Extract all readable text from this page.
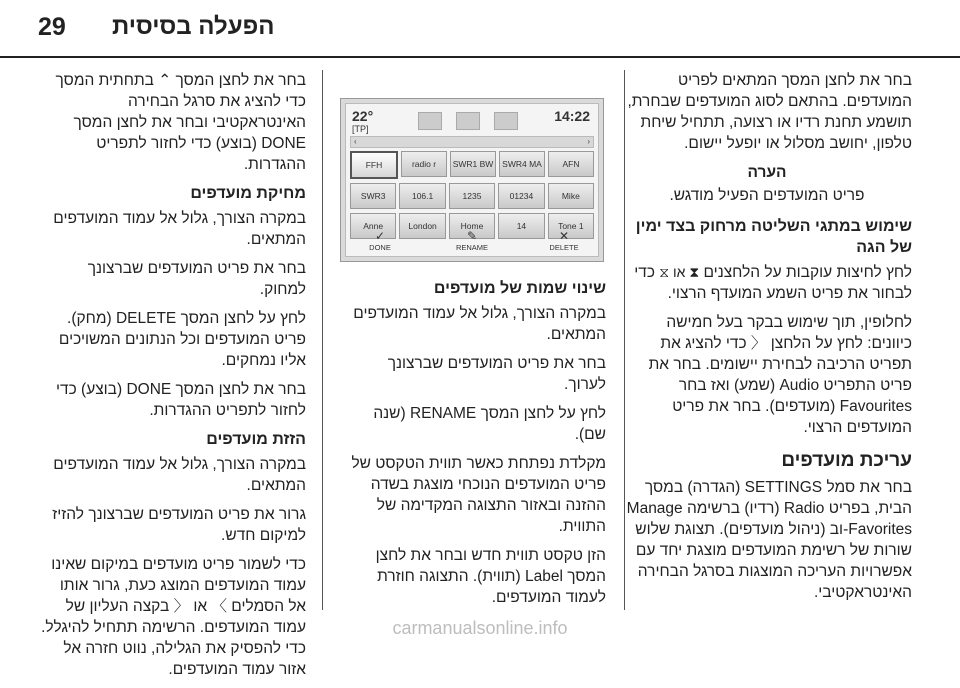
29 הפעלה בסיסית

בחר את לחצן המסך המתאים לפריט המועדפים. בהתאם לסוג המועדפים שבחרת, תושמע תחנת רדיו או רצועה, תתחיל שיחת טלפון, יחושב מסלול או יופעל יישום.

הערה
פריט המועדפים הפעיל מודגש.
שימוש במתגי השליטה מרחוק בצד ימין של הגה

לחץ לחיצות עוקבות על הלחצנים ⧗ או ⧖ כדי לבחור את פריט השמע המועדף הרצוי.

לחלופין, תוך שימוש בבקר בעל חמישה כיוונים: לחץ על הלחצן 〈 כדי להציג את תפריט הרכיבה לבחירת יישומים. בחר את פריט התפריט Audio (שמע) ואז בחר Favourites (מועדפים). בחר את פריט המועדפים הרצוי.

עריכת מועדפים

בחר את סמל SETTINGS (הגדרה) במסך הבית, בפריט Radio (רדיו) ברשימה Manage Favorites-וב (ניהול מועדפים). תצוגת שלוש שורות של רשימת המועדפים מוצגת יחד עם אפשרויות העריכה המוצגות בסרגל הבחירה האינטראקטיבי.

22°
[TP]
14:22
‹	›
FFH	radio r	SWR1 BW	SWR4 MA	AFN
SWR3	106.1	1235	01234	Mike
Anne	London	Home	14	Tone 1
✓
DONE
✎
RENAME
✕
DELETE
שינוי שמות של מועדפים

במקרה הצורך, גלול אל עמוד המועדפים המתאים.

בחר את פריט המועדפים שברצונך לערוך.

לחץ על לחצן המסך RENAME (שנה שם).

מקלדת נפתחת כאשר תווית הטקסט של פריט המועדפים הנוכחי מוצגת בשדה ההזנה ובאזור התצוגה המקדימה של התווית.

הזן טקסט תווית חדש ובחר את לחצן המסך Label (תווית). התצוגה חוזרת לעמוד המועדפים.

בחר את לחצן המסך ⌃ בתחתית המסך כדי להציג את סרגל הבחירה האינטראקטיבי ובחר את לחצן המסך DONE (בוצע) כדי לחזור לתפריט ההגדרות.

מחיקת מועדפים

במקרה הצורך, גלול אל עמוד המועדפים המתאים.

בחר את פריט המועדפים שברצונך למחוק.

לחץ על לחצן המסך DELETE (מחק). פריט המועדפים וכל הנתונים המשויכים אליו נמחקים.

בחר את לחצן המסך DONE (בוצע) כדי לחזור לתפריט ההגדרות.

הזזת מועדפים

במקרה הצורך, גלול אל עמוד המועדפים המתאים.

גרור את פריט המועדפים שברצונך להזיז למיקום חדש.

כדי לשמור פריט מועדפים במיקום שאינו עמוד המועדפים המוצג כעת, גרור אותו אל הסמלים 〉 או 〈 בקצה העליון של עמוד המועדפים. הרשימה תתחיל להיגלל. כדי להפסיק את הגלילה, נווט חזרה אל אזור עמוד המועדפים.

carmanualsonline.info
